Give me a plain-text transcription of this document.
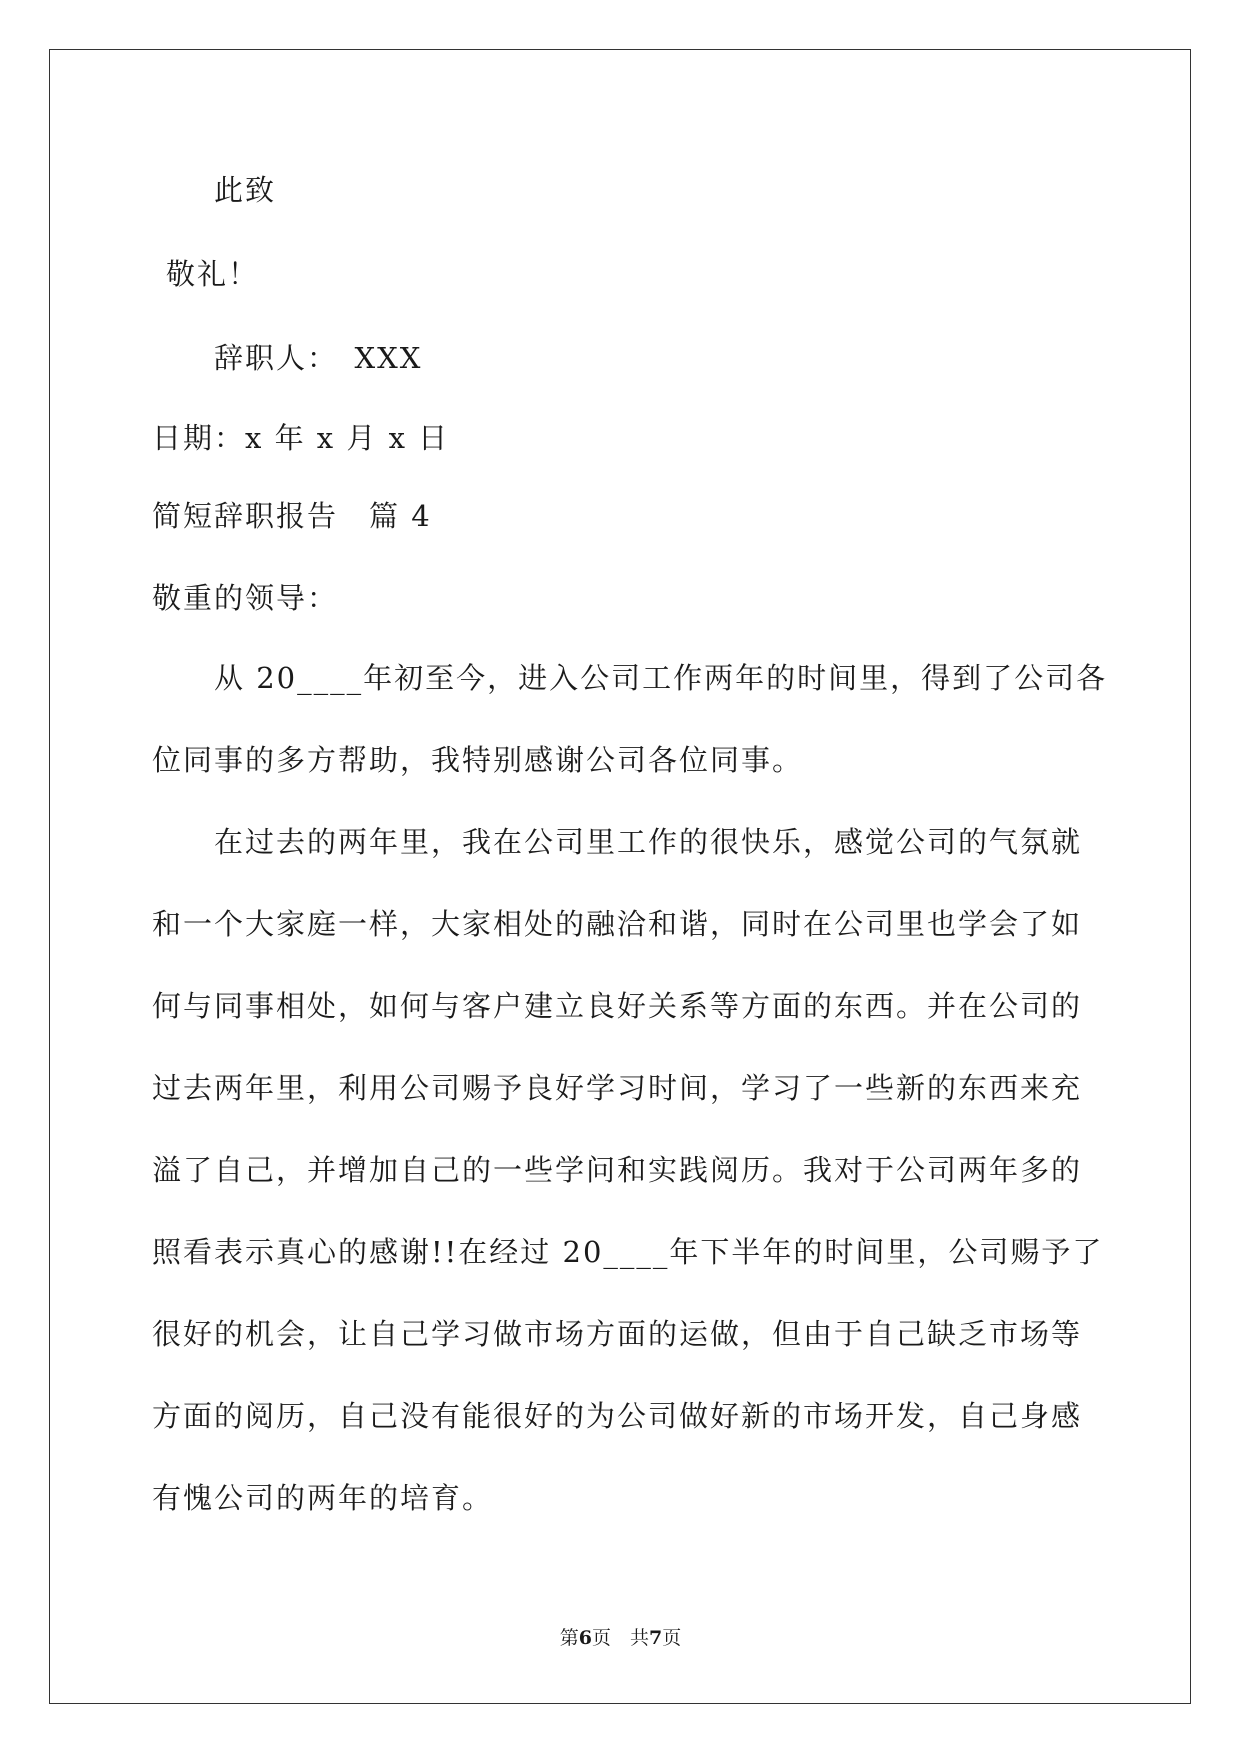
此致
敬礼！
辞职人：　XXX
日期：x 年 x 月 x 日
简短辞职报告　篇 4
敬重的领导：
从 20____年初至今，进入公司工作两年的时间里，得到了公司各
位同事的多方帮助，我特别感谢公司各位同事。
在过去的两年里，我在公司里工作的很快乐，感觉公司的气氛就
和一个大家庭一样，大家相处的融洽和谐，同时在公司里也学会了如
何与同事相处，如何与客户建立良好关系等方面的东西。并在公司的
过去两年里，利用公司赐予良好学习时间，学习了一些新的东西来充
溢了自己，并增加自己的一些学问和实践阅历。我对于公司两年多的
照看表示真心的感谢!!在经过 20____年下半年的时间里，公司赐予了
很好的机会，让自己学习做市场方面的运做，但由于自己缺乏市场等
方面的阅历，自己没有能很好的为公司做好新的市场开发，自己身感
有愧公司的两年的培育。
第6页　共7页
